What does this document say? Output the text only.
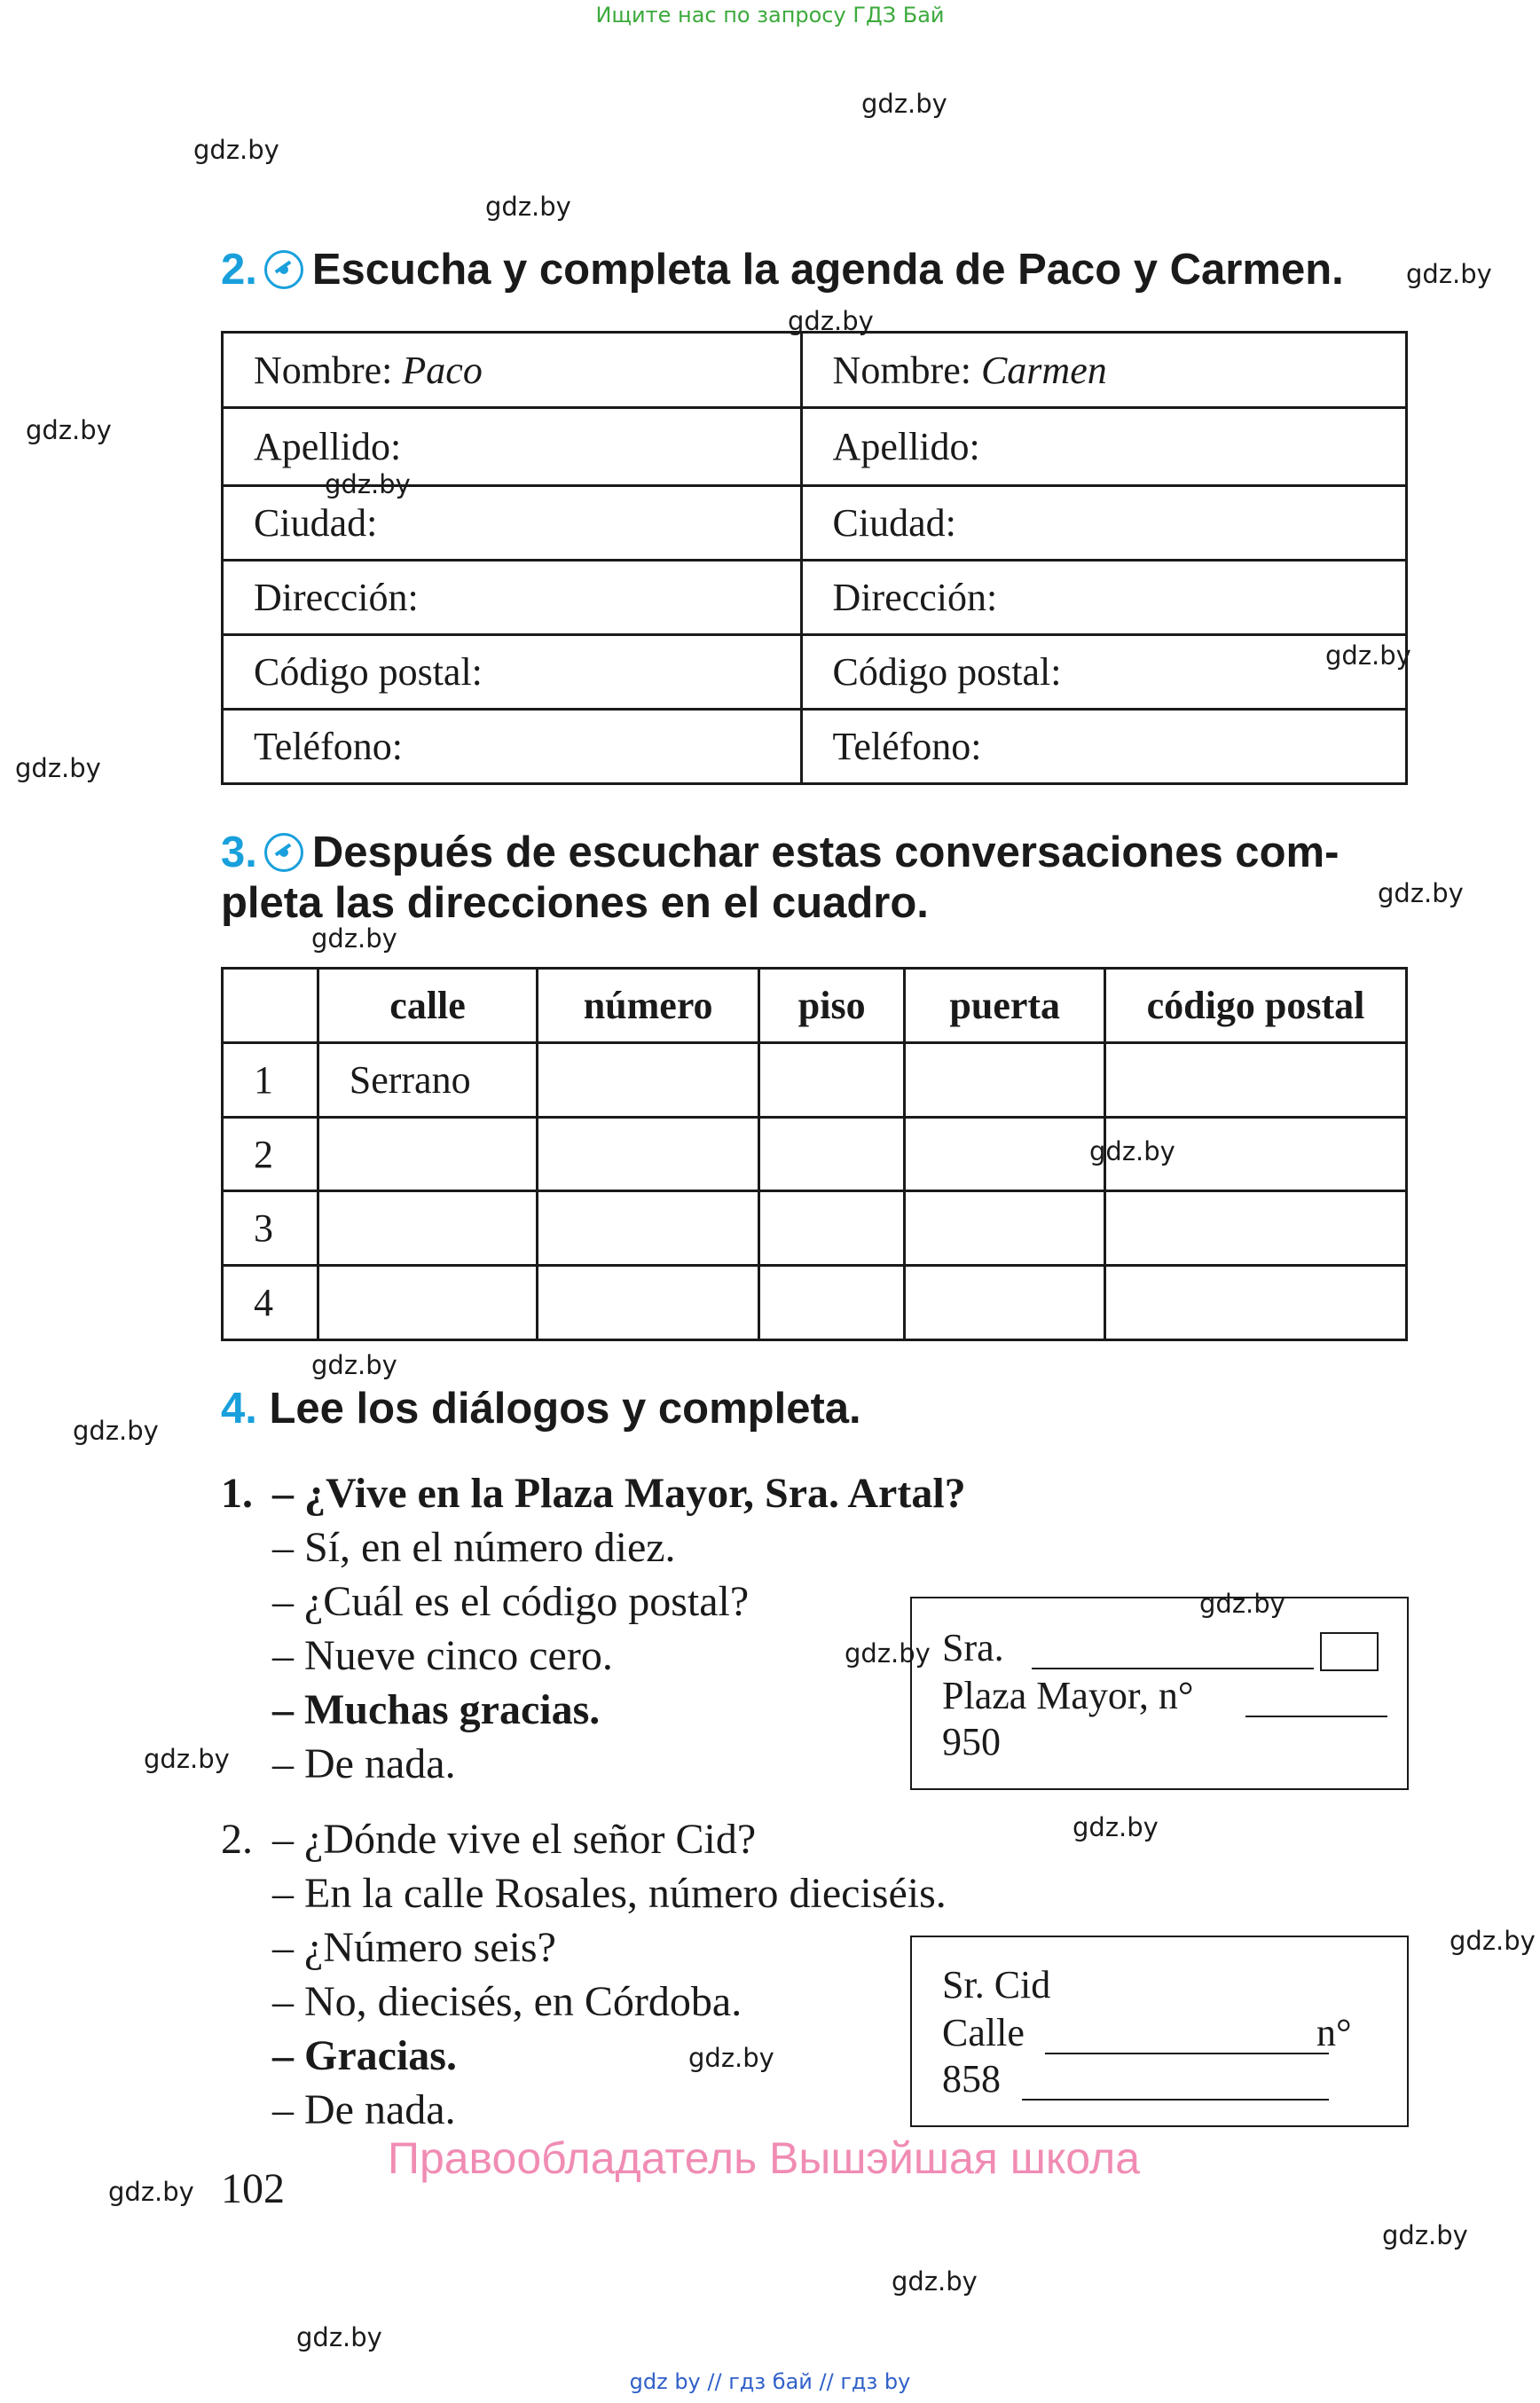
Ищите нас по запросу ГДЗ Бай
gdz.by
gdz.by
gdz.by
gdz.by
gdz.by
gdz.by
gdz.by
gdz.by
gdz.by
gdz.by
gdz.by
gdz.by
gdz.by
gdz.by
gdz.by
gdz.by
gdz.by
gdz.by
gdz.by
gdz.by
gdz.by
gdz.by
gdz.by
gdz.by
2. Escucha y completa la agenda de Paco y Carmen.
Nombre: Paco	Nombre: Carmen
Apellido:	Apellido:
Ciudad:	Ciudad:
Dirección:	Dirección:
Código postal:	Código postal:
Teléfono:	Teléfono:
3. Después de escuchar estas conversaciones com-
pleta las direcciones en el cuadro.
	calle	número	piso	puerta	código postal
1	Serrano				
2					
3					
4					
4. Lee los diálogos y completa.
1. – ¿Vive en la Plaza Mayor, Sra. Artal?
– Sí, en el número diez.
– ¿Cuál es el código postal?
– Nueve cinco cero.
– Muchas gracias.
– De nada.
Sra.
Plaza Mayor, n°
950
2. – ¿Dónde vive el señor Cid?
– En la calle Rosales, número dieciséis.
– ¿Número seis?
– No, diecisés, en Córdoba.
– Gracias.
– De nada.
Sr. Cid
Calle	n°
858
102
Правообладатель Вышэйшая школа
gdz by // гдз бай // гдз by
